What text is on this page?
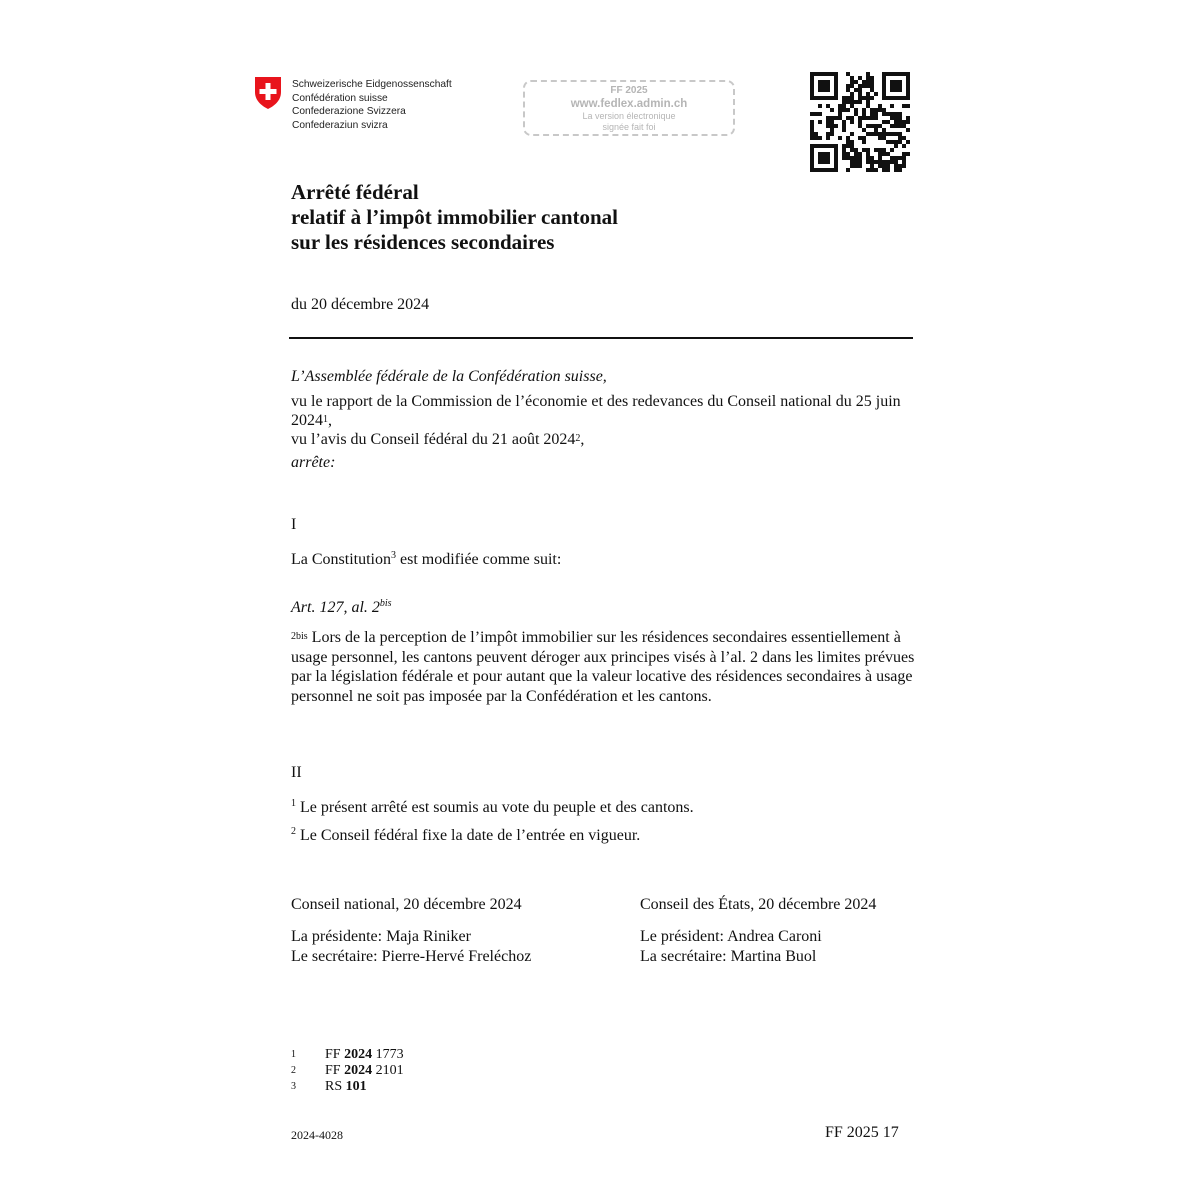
Schweizerische Eidgenossenschaft
Confédération suisse
Confederazione Svizzera
Confederaziun svizra
FF 2025
www.fedlex.admin.ch
La version électronique
signée fait foi
Arrêté fédéral
relatif à l’impôt immobilier cantonal
sur les résidences secondaires
du 20 décembre 2024

L’Assemblée fédérale de la Confédération suisse,

vu le rapport de la Commission de l’économie et des redevances du Conseil national du 25 juin 2024$^1$,

vu l’avis du Conseil fédéral du 21 août 2024$^2$,

arrête:

I
La Constitution$^3$ est modifiée comme suit:
Art. 127, al. $2^{bis}$
$^{2bis}$ Lors de la perception de l’impôt immobilier sur les résidences secondaires essentiellement à usage personnel, les cantons peuvent déroger aux principes visés à l’al. 2 dans les limites prévues par la législation fédérale et pour autant que la valeur locative des résidences secondaires à usage personnel ne soit pas imposée par la Confédération et les cantons.
II
$^1$ Le présent arrêté est soumis au vote du peuple et des cantons.
$^2$ Le Conseil fédéral fixe la date de l’entrée en vigueur.

Conseil national, 20 décembre 2024

La présidente: Maja Riniker

Le secrétaire: Pierre-Hervé Freléchoz

Conseil des États, 20 décembre 2024

Le président: Andrea Caroni

La secrétaire: Martina Buol

1	FF 2024 1773
2	FF 2024 2101
3	RS 101
2024-4028	FF 2025 17
